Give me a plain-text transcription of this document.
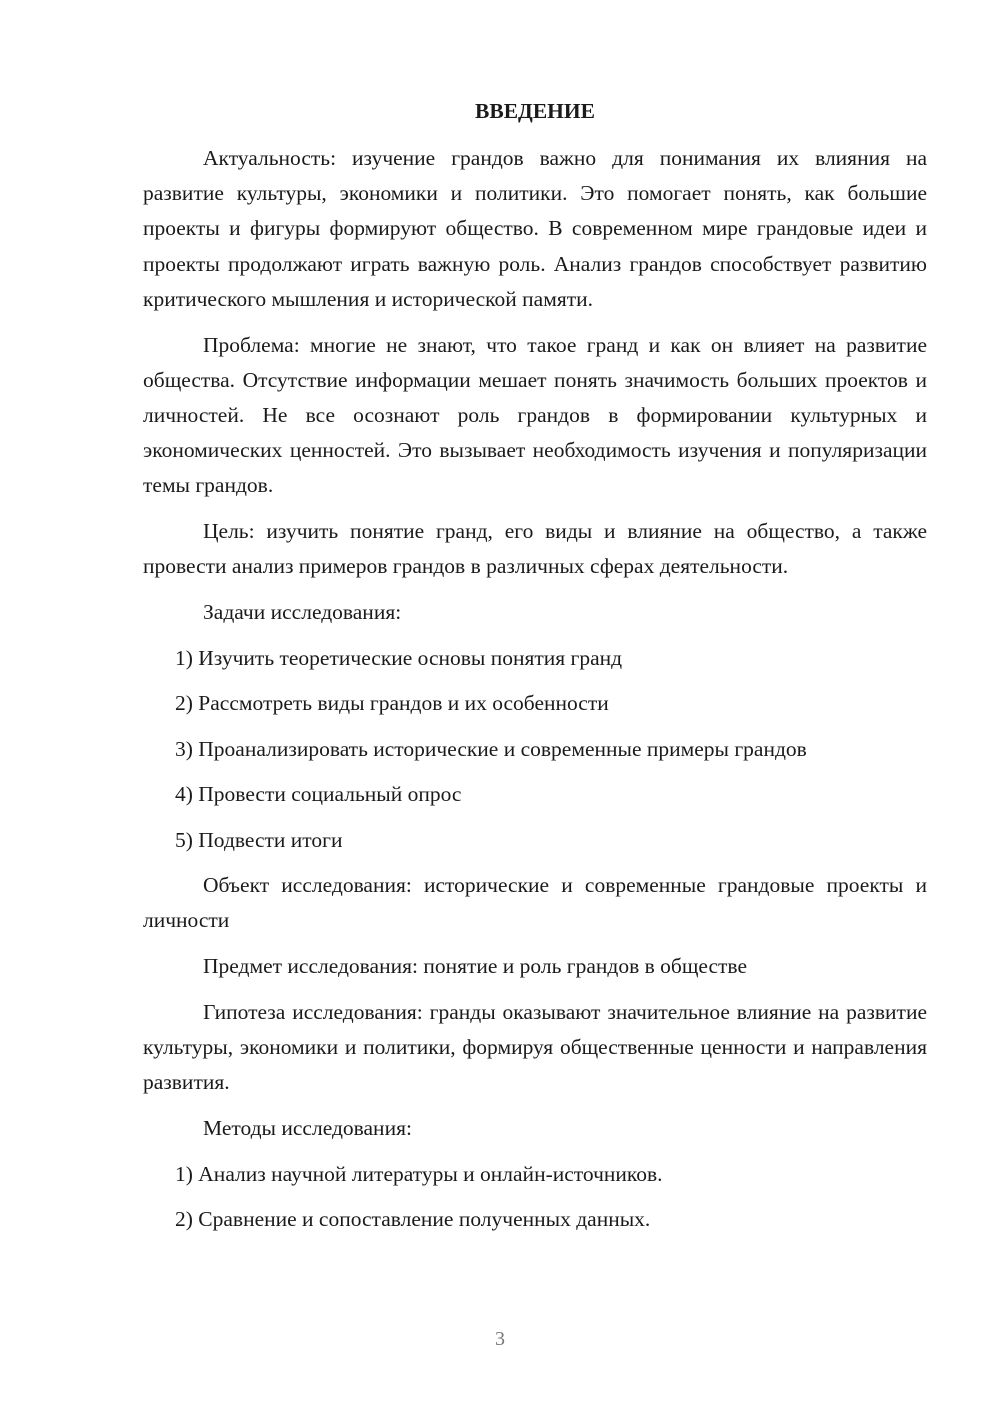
ВВЕДЕНИЕ

Актуальность: изучение грандов важно для понимания их влияния на развитие культуры, экономики и политики. Это помогает понять, как большие проекты и фигуры формируют общество. В современном мире грандовые идеи и проекты продолжают играть важную роль. Анализ грандов способствует развитию критического мышления и исторической памяти.

Проблема: многие не знают, что такое гранд и как он влияет на развитие общества. Отсутствие информации мешает понять значимость больших проектов и личностей. Не все осознают роль грандов в формировании культурных и экономических ценностей. Это вызывает необходимость изучения и популяризации темы грандов.

Цель: изучить понятие гранд, его виды и влияние на общество, а также провести анализ примеров грандов в различных сферах деятельности.

Задачи исследования:

1) Изучить теоретические основы понятия гранд
2) Рассмотреть виды грандов и их особенности
3) Проанализировать исторические и современные примеры грандов
4) Провести социальный опрос
5) Подвести итоги

Объект исследования: исторические и современные грандовые проекты и личности

Предмет исследования: понятие и роль грандов в обществе

Гипотеза исследования: гранды оказывают значительное влияние на развитие культуры, экономики и политики, формируя общественные ценности и направления развития.

Методы исследования:

1) Анализ научной литературы и онлайн-источников.
2) Сравнение и сопоставление полученных данных.
3
